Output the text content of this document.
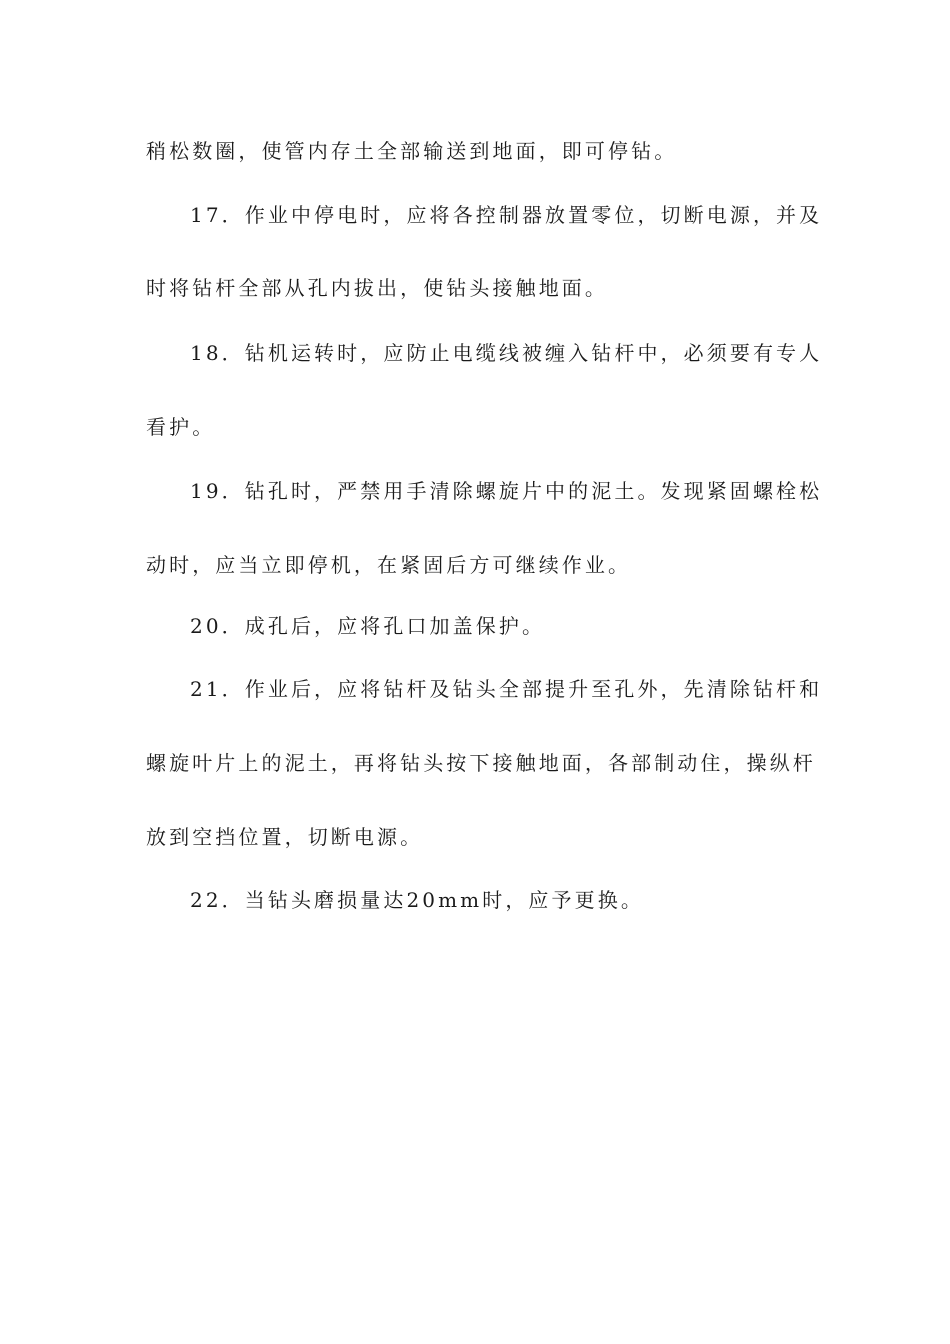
稍松数圈，使管内存土全部输送到地面，即可停钻。
17．作业中停电时，应将各控制器放置零位，切断电源，并及
时将钻杆全部从孔内拔出，使钻头接触地面。
18．钻机运转时，应防止电缆线被缠入钻杆中，必须要有专人
看护。
19．钻孔时，严禁用手清除螺旋片中的泥土。发现紧固螺栓松
动时，应当立即停机，在紧固后方可继续作业。
20．成孔后，应将孔口加盖保护。
21．作业后，应将钻杆及钻头全部提升至孔外，先清除钻杆和
螺旋叶片上的泥土，再将钻头按下接触地面，各部制动住，操纵杆
放到空挡位置，切断电源。
22．当钻头磨损量达20mm时，应予更换。
